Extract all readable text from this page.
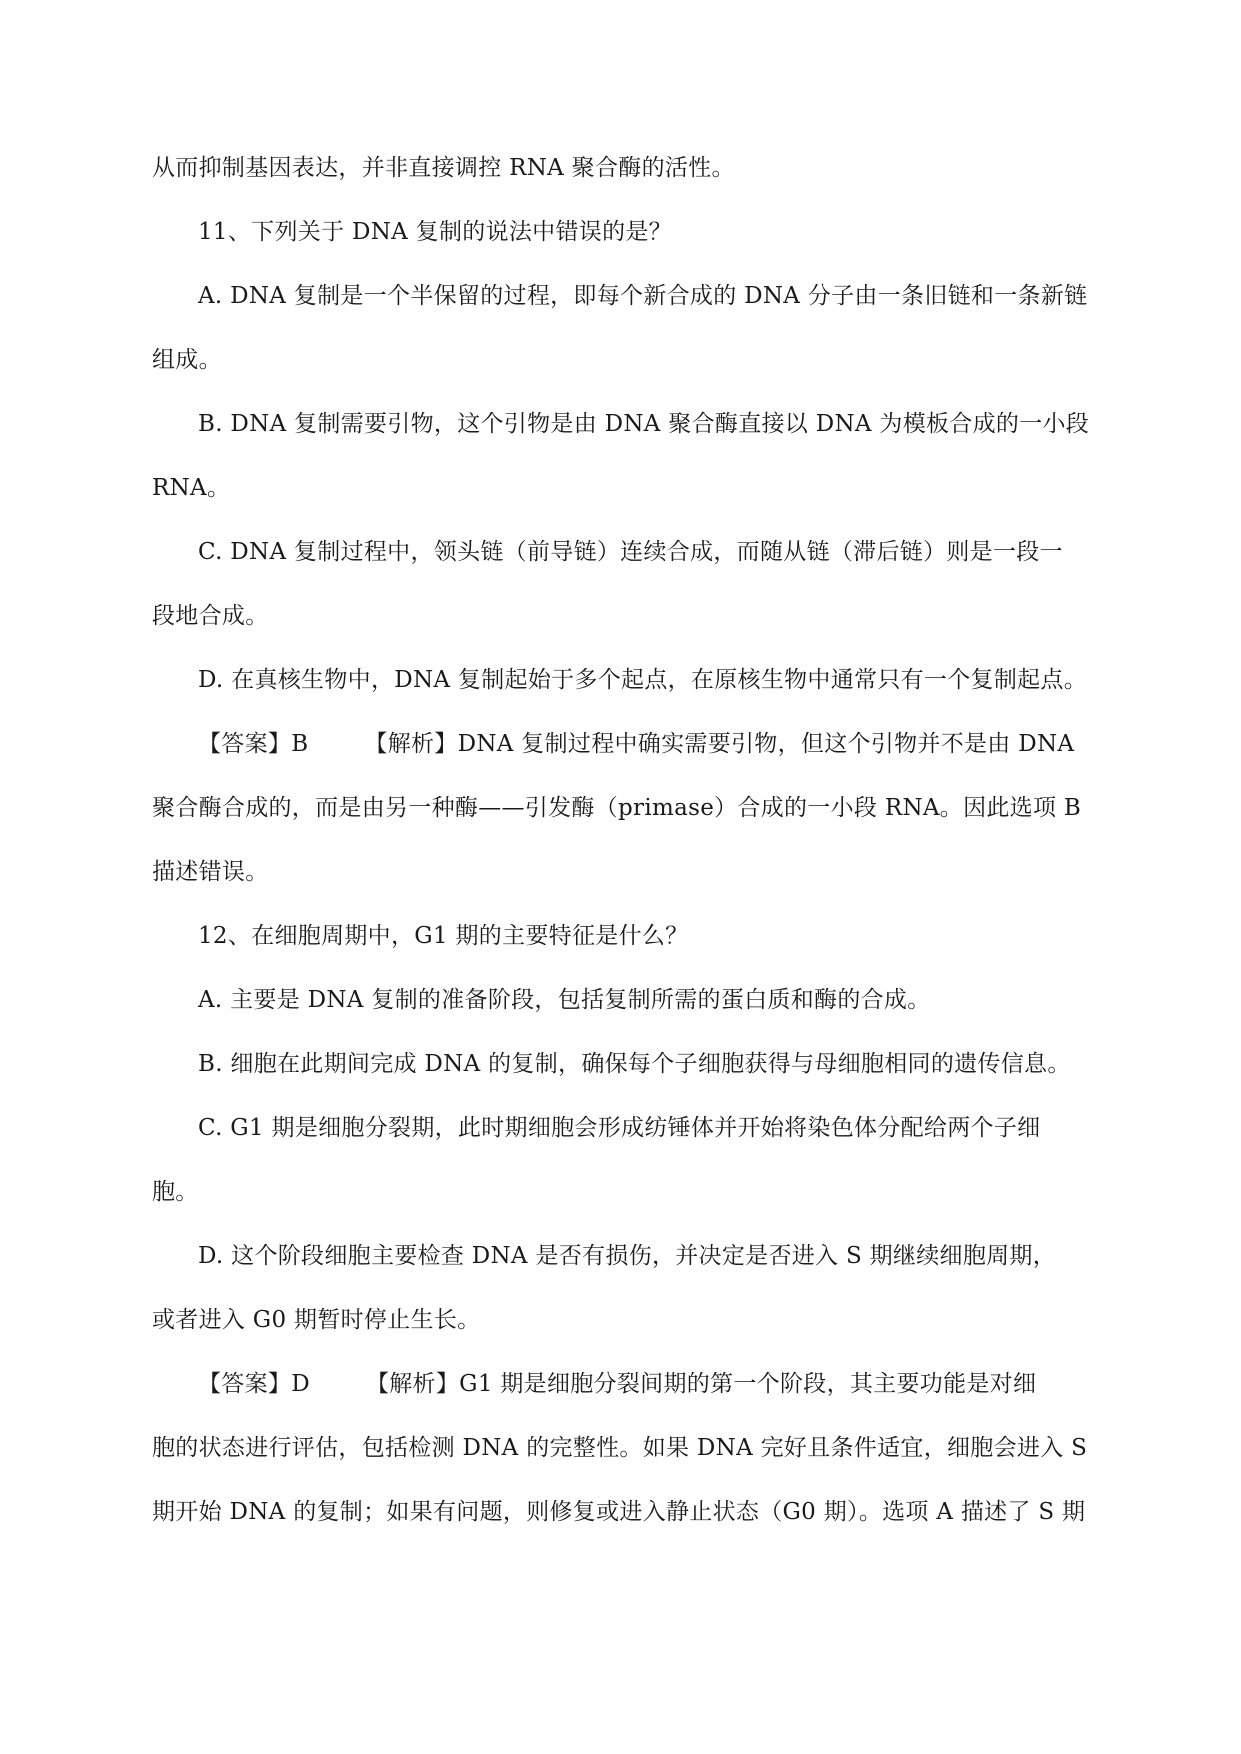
从而抑制基因表达，并非直接调控 RNA 聚合酶的活性。
11、下列关于 DNA 复制的说法中错误的是？
A. DNA 复制是一个半保留的过程，即每个新合成的 DNA 分子由一条旧链和一条新链
组成。
B. DNA 复制需要引物，这个引物是由 DNA 聚合酶直接以 DNA 为模板合成的一小段
RNA。
C. DNA 复制过程中，领头链（前导链）连续合成，而随从链（滞后链）则是一段一
段地合成。
D. 在真核生物中，DNA 复制起始于多个起点，在原核生物中通常只有一个复制起点。
【答案】B 【解析】DNA 复制过程中确实需要引物，但这个引物并不是由 DNA
聚合酶合成的，而是由另一种酶——引发酶（primase）合成的一小段 RNA。因此选项 B
描述错误。
12、在细胞周期中，G1 期的主要特征是什么？
A. 主要是 DNA 复制的准备阶段，包括复制所需的蛋白质和酶的合成。
B. 细胞在此期间完成 DNA 的复制，确保每个子细胞获得与母细胞相同的遗传信息。
C. G1 期是细胞分裂期，此时期细胞会形成纺锤体并开始将染色体分配给两个子细
胞。
D. 这个阶段细胞主要检查 DNA 是否有损伤，并决定是否进入 S 期继续细胞周期，
或者进入 G0 期暂时停止生长。
【答案】D 【解析】G1 期是细胞分裂间期的第一个阶段，其主要功能是对细
胞的状态进行评估，包括检测 DNA 的完整性。如果 DNA 完好且条件适宜，细胞会进入 S
期开始 DNA 的复制；如果有问题，则修复或进入静止状态（G0 期）。选项 A 描述了 S 期
